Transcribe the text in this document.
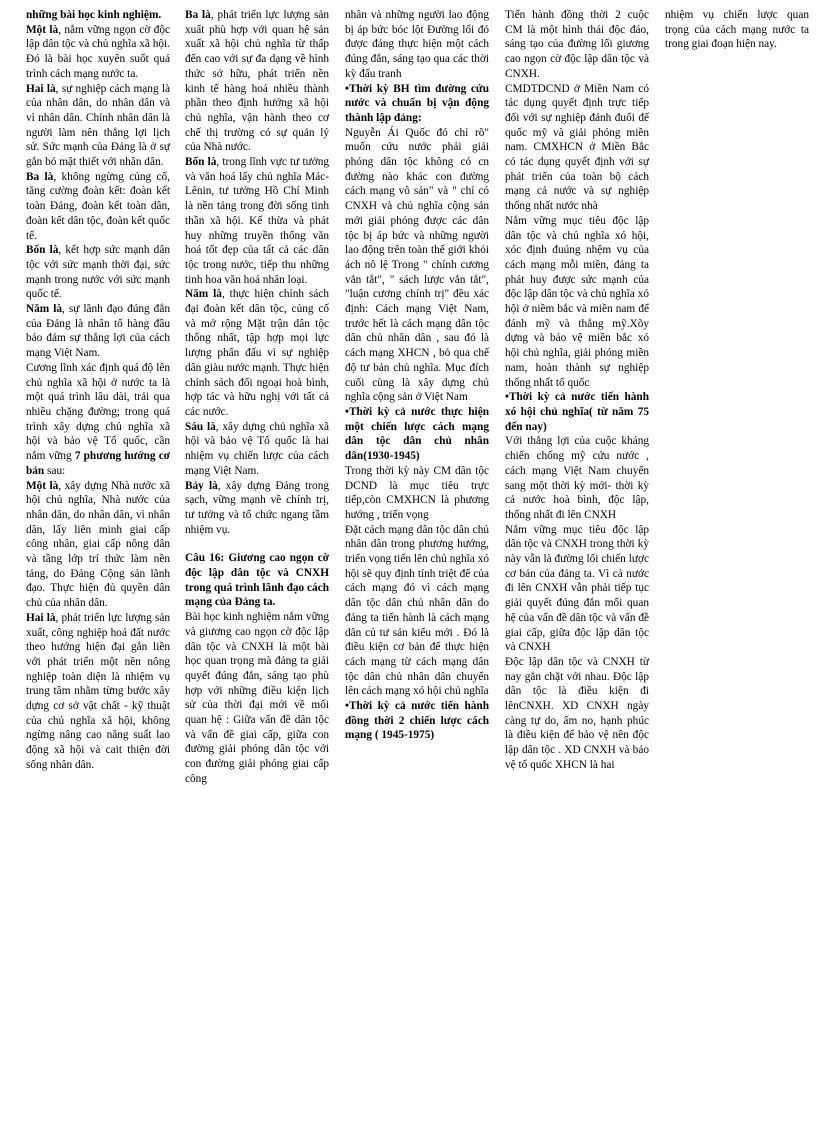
những bài học kinh nghiệm.

Một là, nắm vững ngọn cờ độc lập dân tộc và chủ nghĩa xã hội. Đó là bài học xuyên suốt quá trình cách mạng nước ta.

Hai là, sự nghiệp cách mạng là của nhân dân, do nhân dân và vì nhân dân. Chính nhân dân là người làm nên thắng lợi lịch sử. Sức mạnh của Đảng là ở sự gắn bó mật thiết với nhân dân.

Ba là, không ngừng củng cố, tăng cường đoàn kết: đoàn kết toàn Đảng, đoàn kết toàn dân, đoàn kết dân tộc, đoàn kết quốc tế.

Bốn là, kết hợp sức mạnh dân tộc với sức mạnh thời đại, sức mạnh trong nước với sức mạnh quốc tế.

Năm là, sự lãnh đạo đúng đắn của Đảng là nhân tố hàng đầu bảo đảm sự thắng lợi của cách mạng Việt Nam.

Cương lĩnh xác định quá độ lên chủ nghĩa xã hội ở nước ta là một quá trình lâu dài, trải qua nhiều chặng đường; trong quá trình xây dựng chủ nghĩa xã hội và bảo vệ Tổ quốc, cần nắm vững 7 phương hướng cơ bản sau:

Một là, xây dựng Nhà nước xã hội chủ nghĩa, Nhà nước của nhân dân, do nhân dân, vì nhân dân, lấy liên minh giai cấp công nhân, giai cấp nông dân và tầng lớp trí thức làm nền tảng, do Đảng Cộng sản lãnh đạo. Thực hiện đủ quyền dân chủ của nhân dân.

Hai là, phát triển lực lượng sản xuất, công nghiệp hoá đất nước theo hướng hiện đại gắn liền với phát triển một nền nông nghiệp toàn diện là nhiệm vụ trung tâm nhằm từng bước xây dựng cơ sở vật chất - kỹ thuật của chủ nghĩa xã hội, không ngừng nâng cao năng suất lao động xã hội và cait thiện đời sống nhân dân.

Ba là, phát triển lực lượng sản xuất phù hợp với quan hệ sản xuất xã hội chủ nghĩa từ thấp đến cao với sự đa dạng về hình thức sở hữu, phát triển nền kinh tế hàng hoá nhiều thành phần theo định hướng xã hội chủ nghĩa, vận hành theo cơ chế thị trường có sự quản lý của Nhà nước.

Bốn là, trong lĩnh vực tư tưởng và văn hoá lấy chủ nghĩa Mác-Lênin, tư tưởng Hồ Chí Minh là nền tảng trong đời sống tinh thần xã hội. Kế thừa và phát huy những truyền thống văn hoá tốt đẹp của tất cả các dân tộc trong nước, tiếp thu những tinh hoa văn hoá nhân loại.

Năm là, thực hiện chính sách đại đoàn kết dân tộc, củng cố và mở rộng Mặt trận dân tộc thống nhất, tập hợp mọi lực lượng phấn đấu vì sự nghiệp dân giàu nước mạnh. Thực hiện chính sách đối ngoại hoà bình, hợp tác và hữu nghị với tất cả các nước.

Sáu là, xây dựng chủ nghĩa xã hội và bảo vệ Tổ quốc là hai nhiệm vụ chiến lược của cách mạng Việt Nam.

Bảy là, xây dựng Đảng trong sạch, vững mạnh về chính trị, tư tưởng và tổ chức ngang tầm nhiệm vụ.

Câu 16: Giương cao ngọn cờ độc lập dân tộc và CNXH trong quá trình lãnh đạo cách mạng của Đảng ta.

Bài học kinh nghiệm nắm vững và giương cao ngọn cờ độc lập dân tộc và CNXH là một bài học quan trọng mà đảng ta giải quyết đúng đắn, sáng tạo phù hợp với những điều kiện lịch sử của thời đại mới về mối quan hệ : Giữa vấn đề dân tộc và vấn đề giai cấp, giữa con đường giải phóng dân tộc với con đường giải phóng giai cấp công

nhân và những người lao động bị áp bức bóc lột Đường lối đó được đảng thực hiện một cách đúng đắn, sáng tạo qua các thời kỳ đấu tranh

•Thời kỳ BH tìm đường cứu nước và chuẩn bị vận động thành lập đảng:

Nguyễn Ái Quốc đó chỉ rõ" muốn cứu nước phải giải phóng dân tộc không có cn đường nào khác con đường cách mạng vô sản" và " chỉ có CNXH và chủ nghĩa cộng sản mới giải phóng được các dân tộc bị áp bức và những người lao động trên toàn thế giới khỏi ách nô lệ Trong " chính cương vắn tắt", " sách lược vắn tắt", "luận cương chính trị" đều xác định: Cách mạng Việt Nam, trước hết là cách mạng dân tộc dân chủ nhân dân , sau đó là cách mạng XHCN , bỏ qua chế độ tư bản chủ nghĩa. Mục đích cuối cùng là xây dựng chủ nghĩa cộng sản ở Việt Nam

•Thời kỳ cả nước thực hiện một chiến lược cách mạng dân tộc dân chủ nhân dân(1930-1945)

Trong thời kỳ này CM dân tộc DCND là mục tiêu trực tiếp,còn CMXHCN là phương hướng , triển vọng

Đặt cách mạng dân tộc dân chủ nhân dân trong phương hướng, triển vọng tiến lên chủ nghĩa xó hội sẽ quy định tính triệt để của cách mạng đó vì cách mạng dân tộc dân chủ nhân dân do đảng ta tiến hành là cách mạng dân củ tư sản kiểu mới . Đó là điều kiện cơ bản để thực hiện cách mạng từ cách mạng dân tộc dân chủ nhân dân chuyển lên cách mạng xó hội chủ nghĩa

•Thời kỳ cả nước tiến hành đồng thời 2 chiến lược cách mạng ( 1945-1975)

Tiến hành đồng thời 2 cuộc CM là một hình thái độc đáo, sáng tạo của đường lối giương cao ngọn cờ độc lập dân tộc và CNXH.

CMDTDCND ở Miền Nam có tác dụng quyết định trực tiếp đối với sự nghiệp đánh đuổi đế quốc mỹ và giải phóng miền nam. CMXHCN ở Miền Bắc có tác dụng quyết định với sự phát triển của toàn bộ cách mạng cả nước và sự nghiệp thống nhất nước nhà

Nắm vững mục tiêu độc lập dân tộc và chủ nghĩa xó hội, xóc định đuúng nhệm vụ của cách mạng mỗi miền, đảng ta phát huy được sức mạnh của độc lập dân tộc và chủ nghĩa xó hội ở niềm bắc và miền nam để đánh mỹ và thắng mỹ.Xõy dựng và bảo vệ miền bắc xó hội chủ nghĩa, giải phóng miền nam, hoàn thành sự nghiệp thống nhất tổ quốc

•Thời kỳ cả nước tiến hành xó hội chủ nghĩa( từ năm 75 đến nay)

Với thắng lợi của cuộc kháng chiến chống mỹ cứu nước , cách mạng Việt Nam chuyển sang một thời kỳ mới- thời kỳ cả nước hoà bình, độc lập, thống nhất đi lên CNXH

Nắm vững mục tiêu độc lập dân tộc và CNXH trong thời kỳ này vẫn là đường lối chiến lược cơ bản của đảng ta. Vì cả nước đi lên CNXH vẫn phải tiếp tục giải quyết đúng đắn mối quan hệ của vấn đề dân tộc và vấn đề giai cấp, giữa độc lập dân tộc và CNXH

Độc lập dân tộc và CNXH từ nay gắn chặt với nhau. Độc lập dân tộc là điều kiện đi lênCNXH. XD CNXH ngày càng tự do, ấm no, hạnh phúc là điều kiện để bảo vệ nền độc lập dân tộc . XD CNXH và bảo vệ tổ quốc XHCN là hai

nhiệm vụ chiến lược quan trọng của cách mạng nước ta trong giai đoạn hiện nay.
